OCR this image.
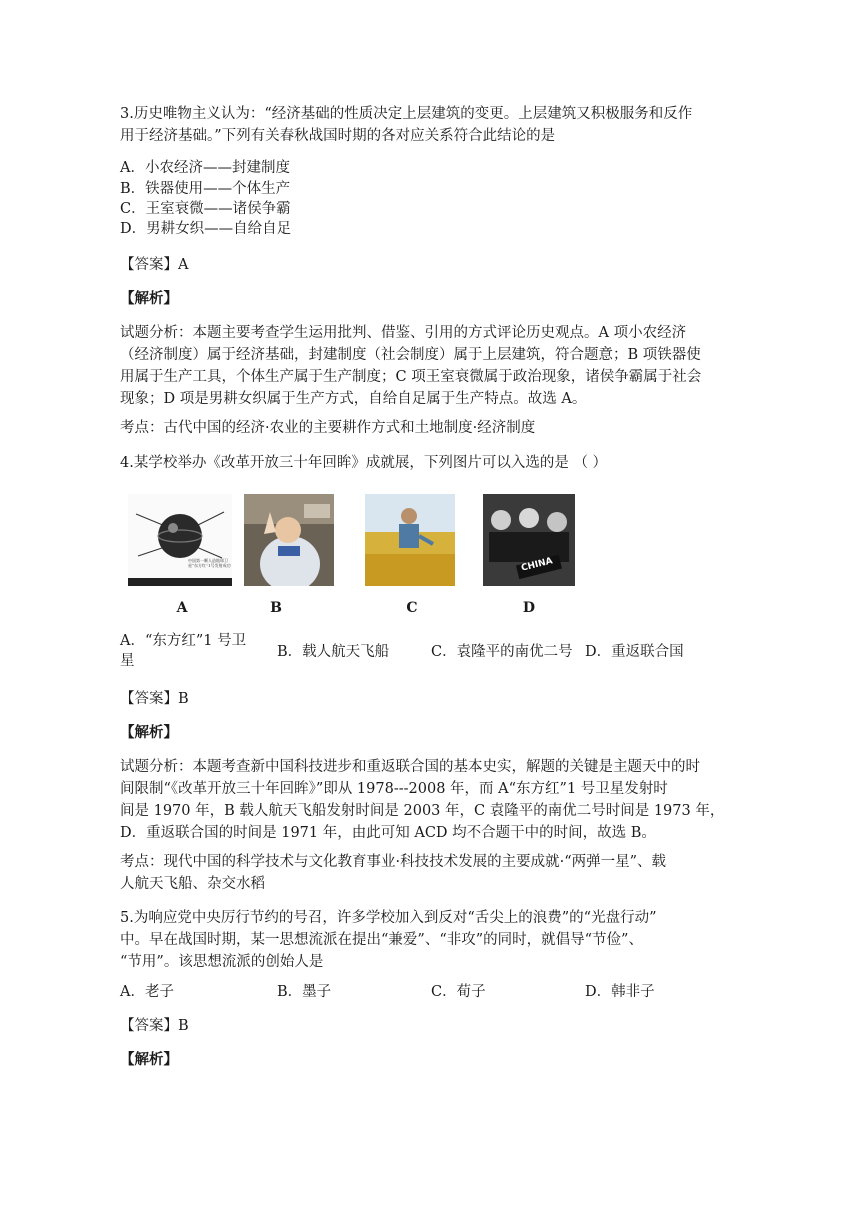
3.历史唯物主义认为：“经济基础的性质决定上层建筑的变更。上层建筑又积极服务和反作
用于经济基础。”下列有关春秋战国时期的各对应关系符合此结论的是
A．小农经济——封建制度
B．铁器使用——个体生产
C．王室衰微——诸侯争霸
D．男耕女织——自给自足
【答案】A
【解析】
试题分析：本题主要考查学生运用批判、借鉴、引用的方式评论历史观点。A 项小农经济
（经济制度）属于经济基础，封建制度（社会制度）属于上层建筑，符合题意；B 项铁器使
用属于生产工具，个体生产属于生产制度；C 项王室衰微属于政治现象，诸侯争霸属于社会
现象；D 项是男耕女织属于生产方式，自给自足属于生产特点。故选 A。
考点：古代中国的经济·农业的主要耕作方式和土地制度·经济制度
4.某学校举办《改革开放三十年回眸》成就展，下列图片可以入选的是 （ ）
中国第一颗人造地球卫星“东方红”1号发射成功	CHINA
A	B	C	D
A．“东方红”1 号卫
星
B．载人航天飞船	C．袁隆平的南优二号 D．重返联合国
【答案】B
【解析】
试题分析：本题考查新中国科技进步和重返联合国的基本史实，解题的关键是主题天中的时
间限制“《改革开放三十年回眸》”即从 1978---2008 年，而 A“东方红”1 号卫星发射时
间是 1970 年，B 载人航天飞船发射时间是 2003 年，C 袁隆平的南优二号时间是 1973 年，
D．重返联合国的时间是 1971 年，由此可知 ACD 均不合题干中的时间，故选 B。
考点：现代中国的科学技术与文化教育事业·科技技术发展的主要成就·“两弹一星”、载
人航天飞船、杂交水稻
5.为响应党中央厉行节约的号召，许多学校加入到反对“舌尖上的浪费”的“光盘行动”
中。早在战国时期，某一思想流派在提出“兼爱”、“非攻”的同时，就倡导“节俭”、
“节用”。该思想流派的创始人是
A．老子	B．墨子	C．荀子	D．韩非子
【答案】B
【解析】
